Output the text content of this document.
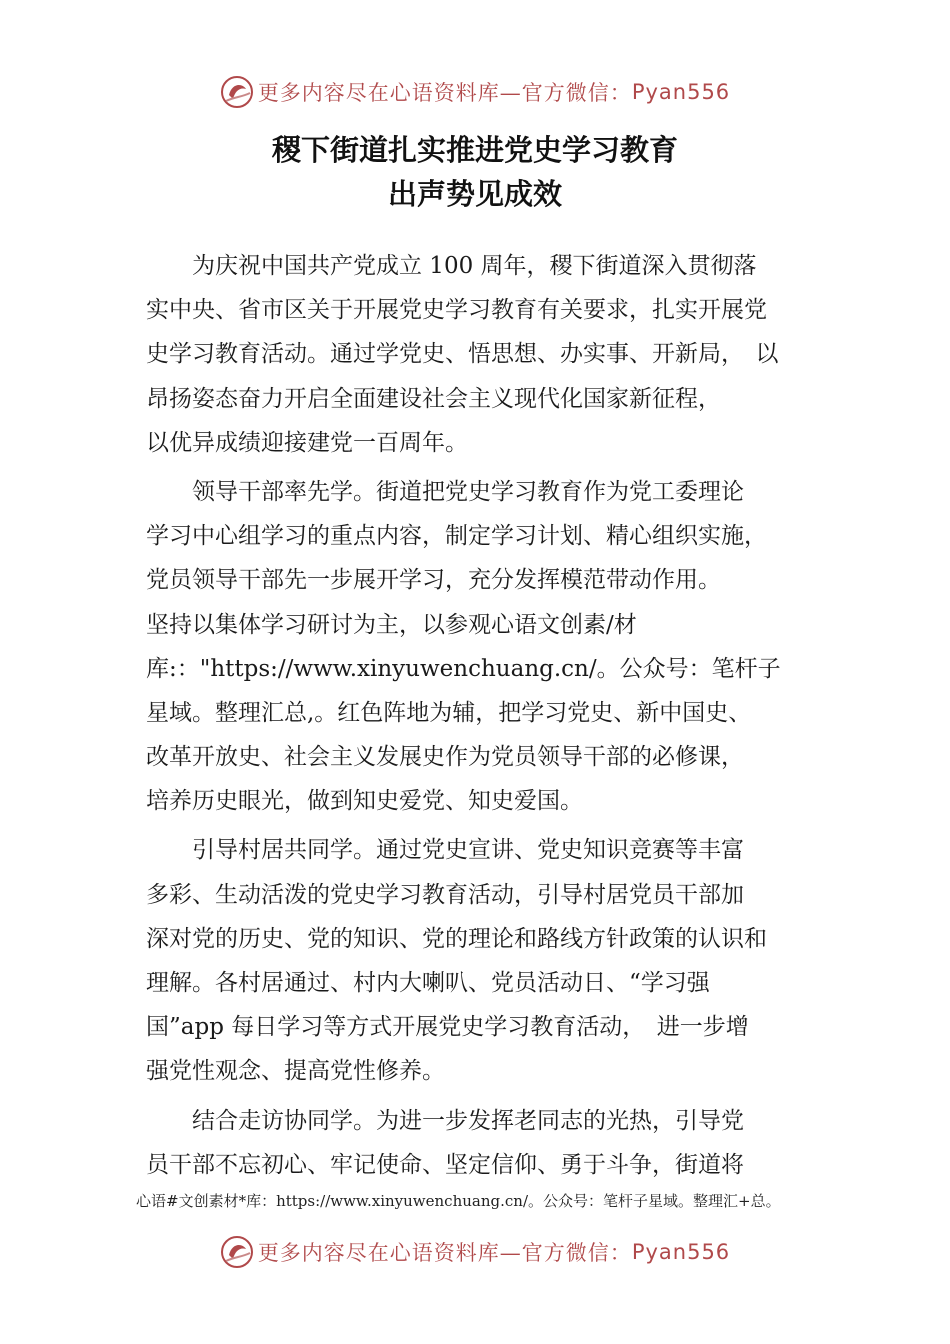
更多内容尽在心语资料库—官方微信： Pyan556
稷下街道扎实推进党史学习教育
出声势见成效
　　为庆祝中国共产党成立 100 周年，稷下街道深入贯彻落
实中央、省市区关于开展党史学习教育有关要求，扎实开展党
史学习教育活动。通过学党史、悟思想、办实事、开新局，　以
昂扬姿态奋力开启全面建设社会主义现代化国家新征程，
以优异成绩迎接建党一百周年。
　　领导干部率先学。街道把党史学习教育作为党工委理论
学习中心组学习的重点内容，制定学习计划、精心组织实施，
党员领导干部先一步展开学习，充分发挥模范带动作用。
坚持以集体学习研讨为主，以参观心语文创素/材
库:："https://www.xinyuwenchuang.cn/。公众号：笔杆子
星域。整理汇总,。红色阵地为辅，把学习党史、新中国史、
改革开放史、社会主义发展史作为党员领导干部的必修课，
培养历史眼光，做到知史爱党、知史爱国。
　　引导村居共同学。通过党史宣讲、党史知识竞赛等丰富
多彩、生动活泼的党史学习教育活动，引导村居党员干部加
深对党的历史、党的知识、党的理论和路线方针政策的认识和
理解。各村居通过、村内大喇叭、党员活动日、“学习强
国”app 每日学习等方式开展党史学习教育活动，　进一步增
强党性观念、提高党性修养。
　　结合走访协同学。为进一步发挥老同志的光热，引导党
员干部不忘初心、牢记使命、坚定信仰、勇于斗争，街道将
心语#文创素材*库：https://www.xinyuwenchuang.cn/。公众号：笔杆子星域。整理汇+总。
更多内容尽在心语资料库—官方微信： Pyan556
